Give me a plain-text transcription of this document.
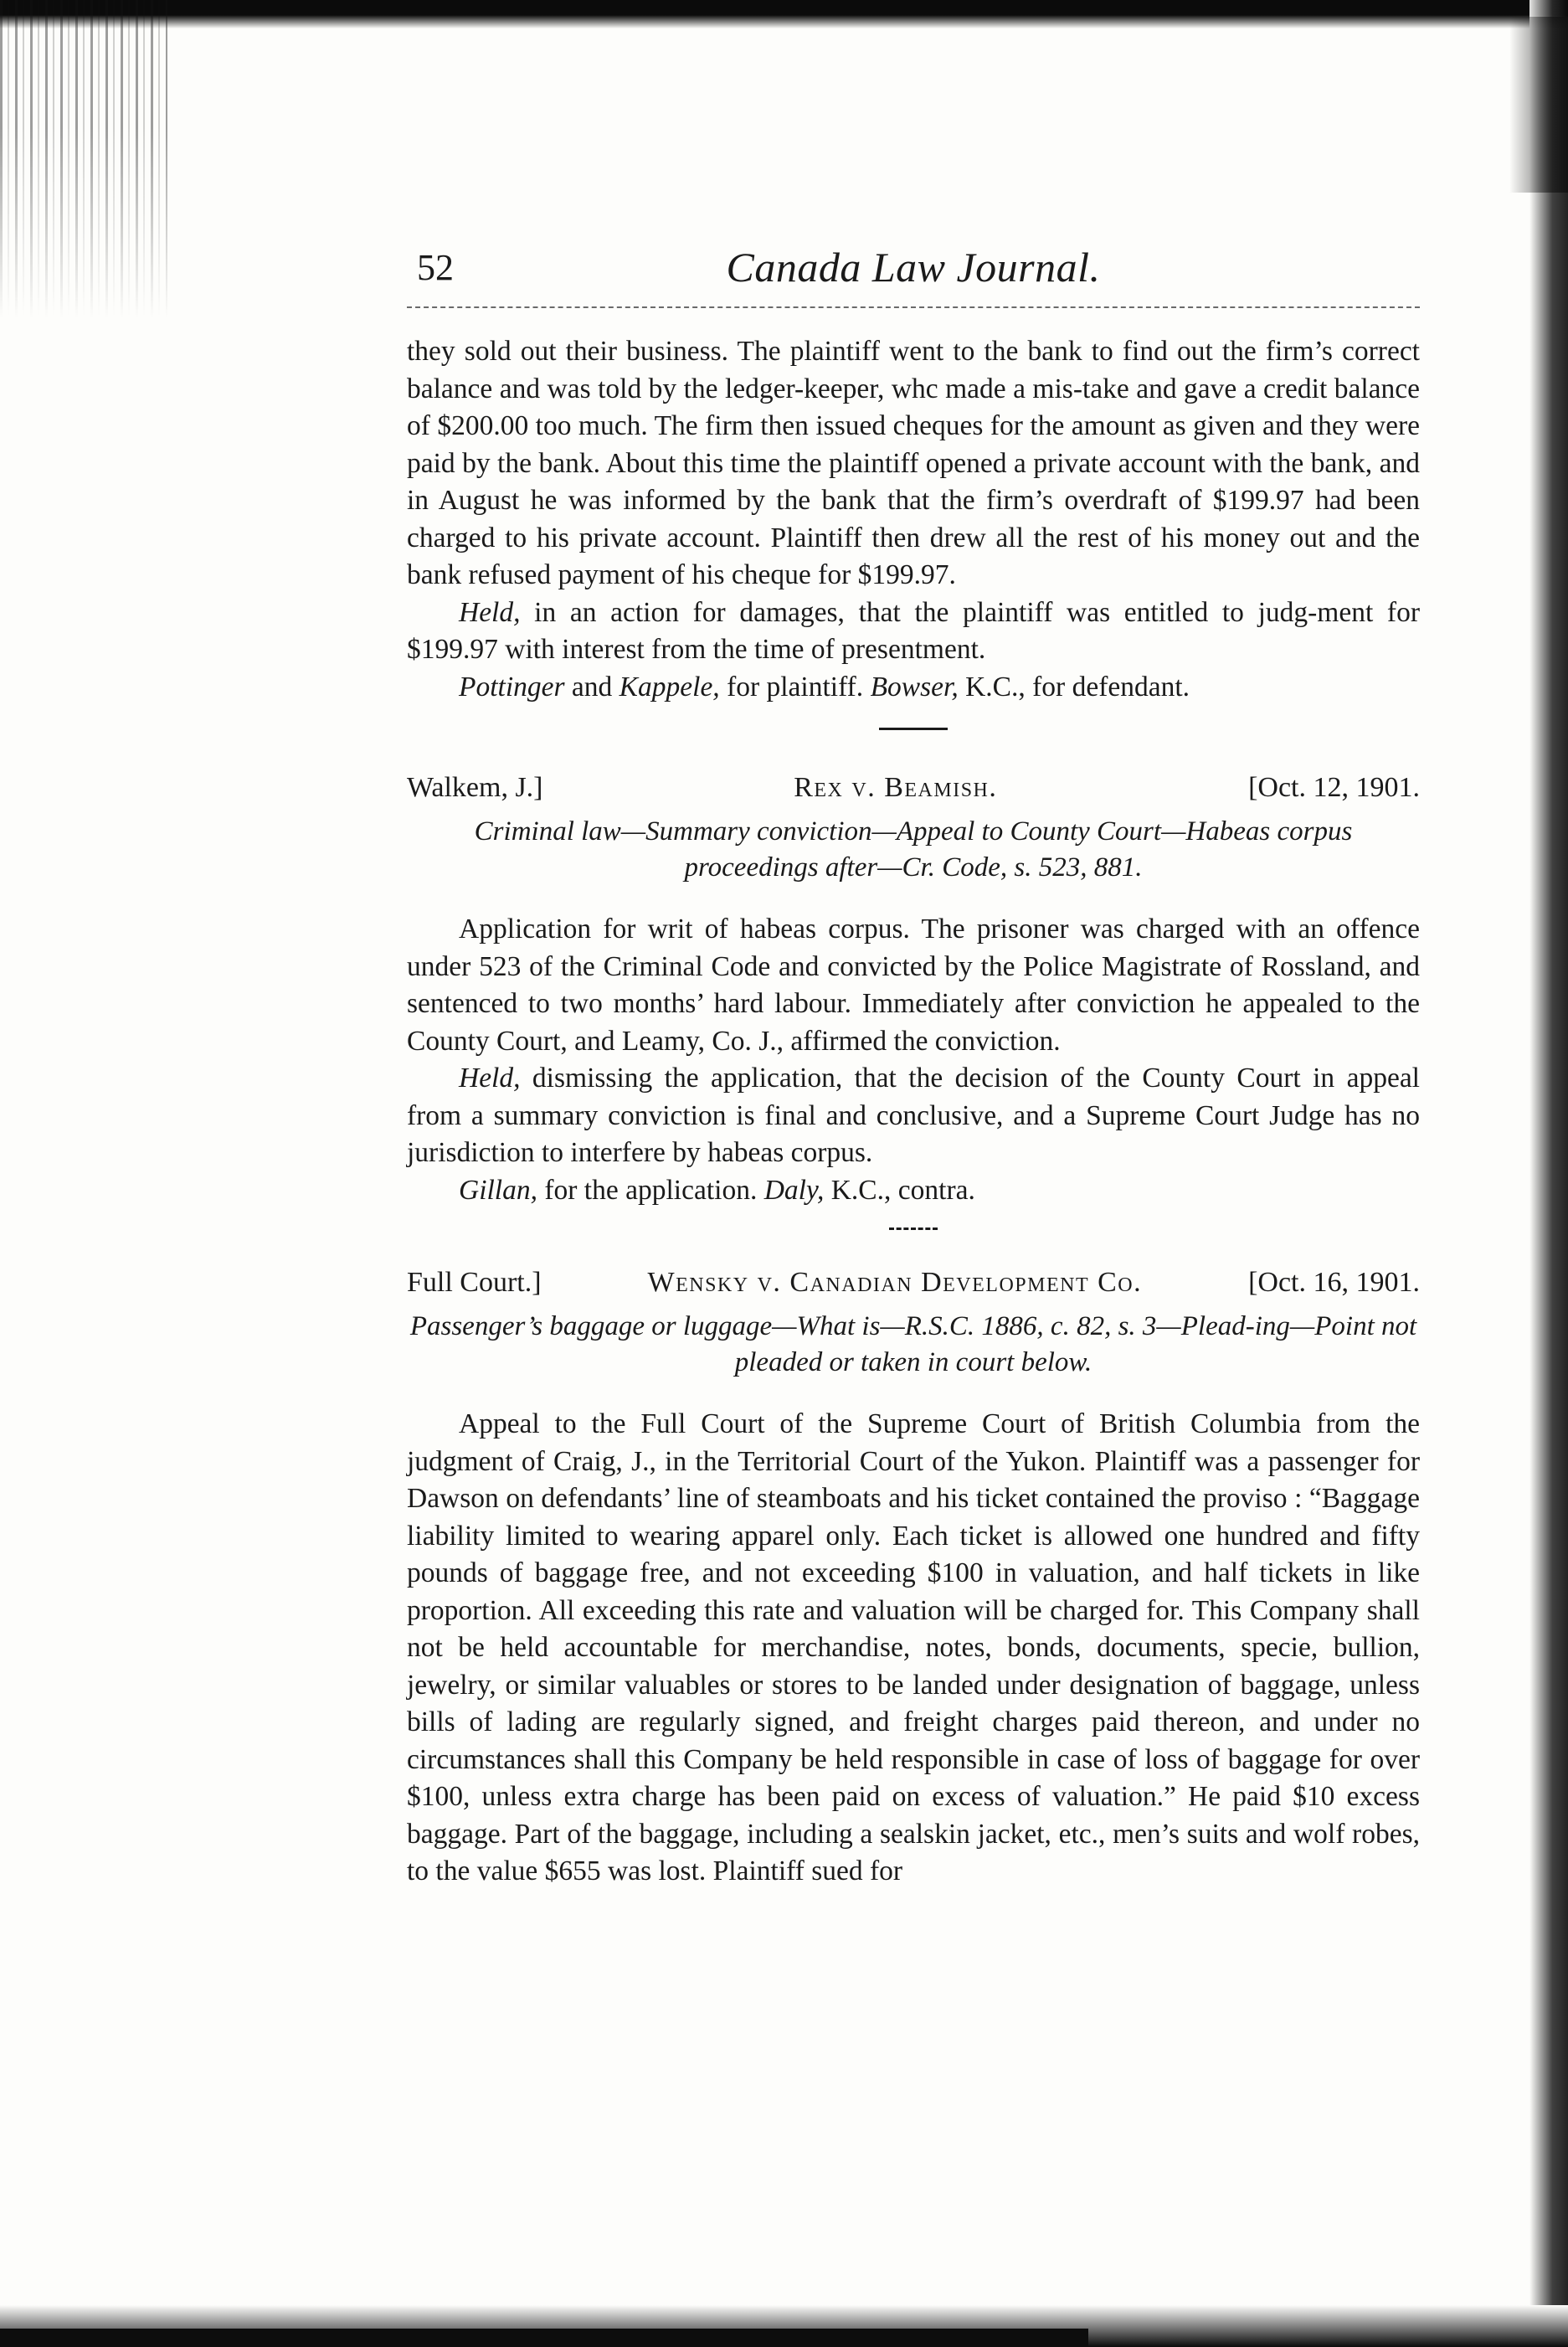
52	Canada Law Journal.

they sold out their business. The plaintiff went to the bank to find out the firm’s correct balance and was told by the ledger-keeper, whc made a mis-take and gave a credit balance of $200.00 too much. The firm then issued cheques for the amount as given and they were paid by the bank. About this time the plaintiff opened a private account with the bank, and in August he was informed by the bank that the firm’s overdraft of $199.97 had been charged to his private account. Plaintiff then drew all the rest of his money out and the bank refused payment of his cheque for $199.97.

Held, in an action for damages, that the plaintiff was entitled to judg-ment for $199.97 with interest from the time of presentment.

Pottinger and Kappele, for plaintiff. Bowser, K.C., for defendant.

Walkem, J.]	Rex v. Beamish.	[Oct. 12, 1901.

Criminal law—Summary conviction—Appeal to County Court—Habeas corpus proceedings after—Cr. Code, s. 523, 881.

Application for writ of habeas corpus. The prisoner was charged with an offence under 523 of the Criminal Code and convicted by the Police Magistrate of Rossland, and sentenced to two months’ hard labour. Immediately after conviction he appealed to the County Court, and Leamy, Co. J., affirmed the conviction.

Held, dismissing the application, that the decision of the County Court in appeal from a summary conviction is final and conclusive, and a Supreme Court Judge has no jurisdiction to interfere by habeas corpus.

Gillan, for the application. Daly, K.C., contra.

Full Court.]	Wensky v. Canadian Development Co.	[Oct. 16, 1901.

Passenger’s baggage or luggage—What is—R.S.C. 1886, c. 82, s. 3—Plead-ing—Point not pleaded or taken in court below.

Appeal to the Full Court of the Supreme Court of British Columbia from the judgment of Craig, J., in the Territorial Court of the Yukon. Plaintiff was a passenger for Dawson on defendants’ line of steamboats and his ticket contained the proviso : “Baggage liability limited to wearing apparel only. Each ticket is allowed one hundred and fifty pounds of baggage free, and not exceeding $100 in valuation, and half tickets in like proportion. All exceeding this rate and valuation will be charged for. This Company shall not be held accountable for merchandise, notes, bonds, documents, specie, bullion, jewelry, or similar valuables or stores to be landed under designation of baggage, unless bills of lading are regularly signed, and freight charges paid thereon, and under no circumstances shall this Company be held responsible in case of loss of baggage for over $100, unless extra charge has been paid on excess of valuation.” He paid $10 excess baggage. Part of the baggage, including a sealskin jacket, etc., men’s suits and wolf robes, to the value $655 was lost. Plaintiff sued for
